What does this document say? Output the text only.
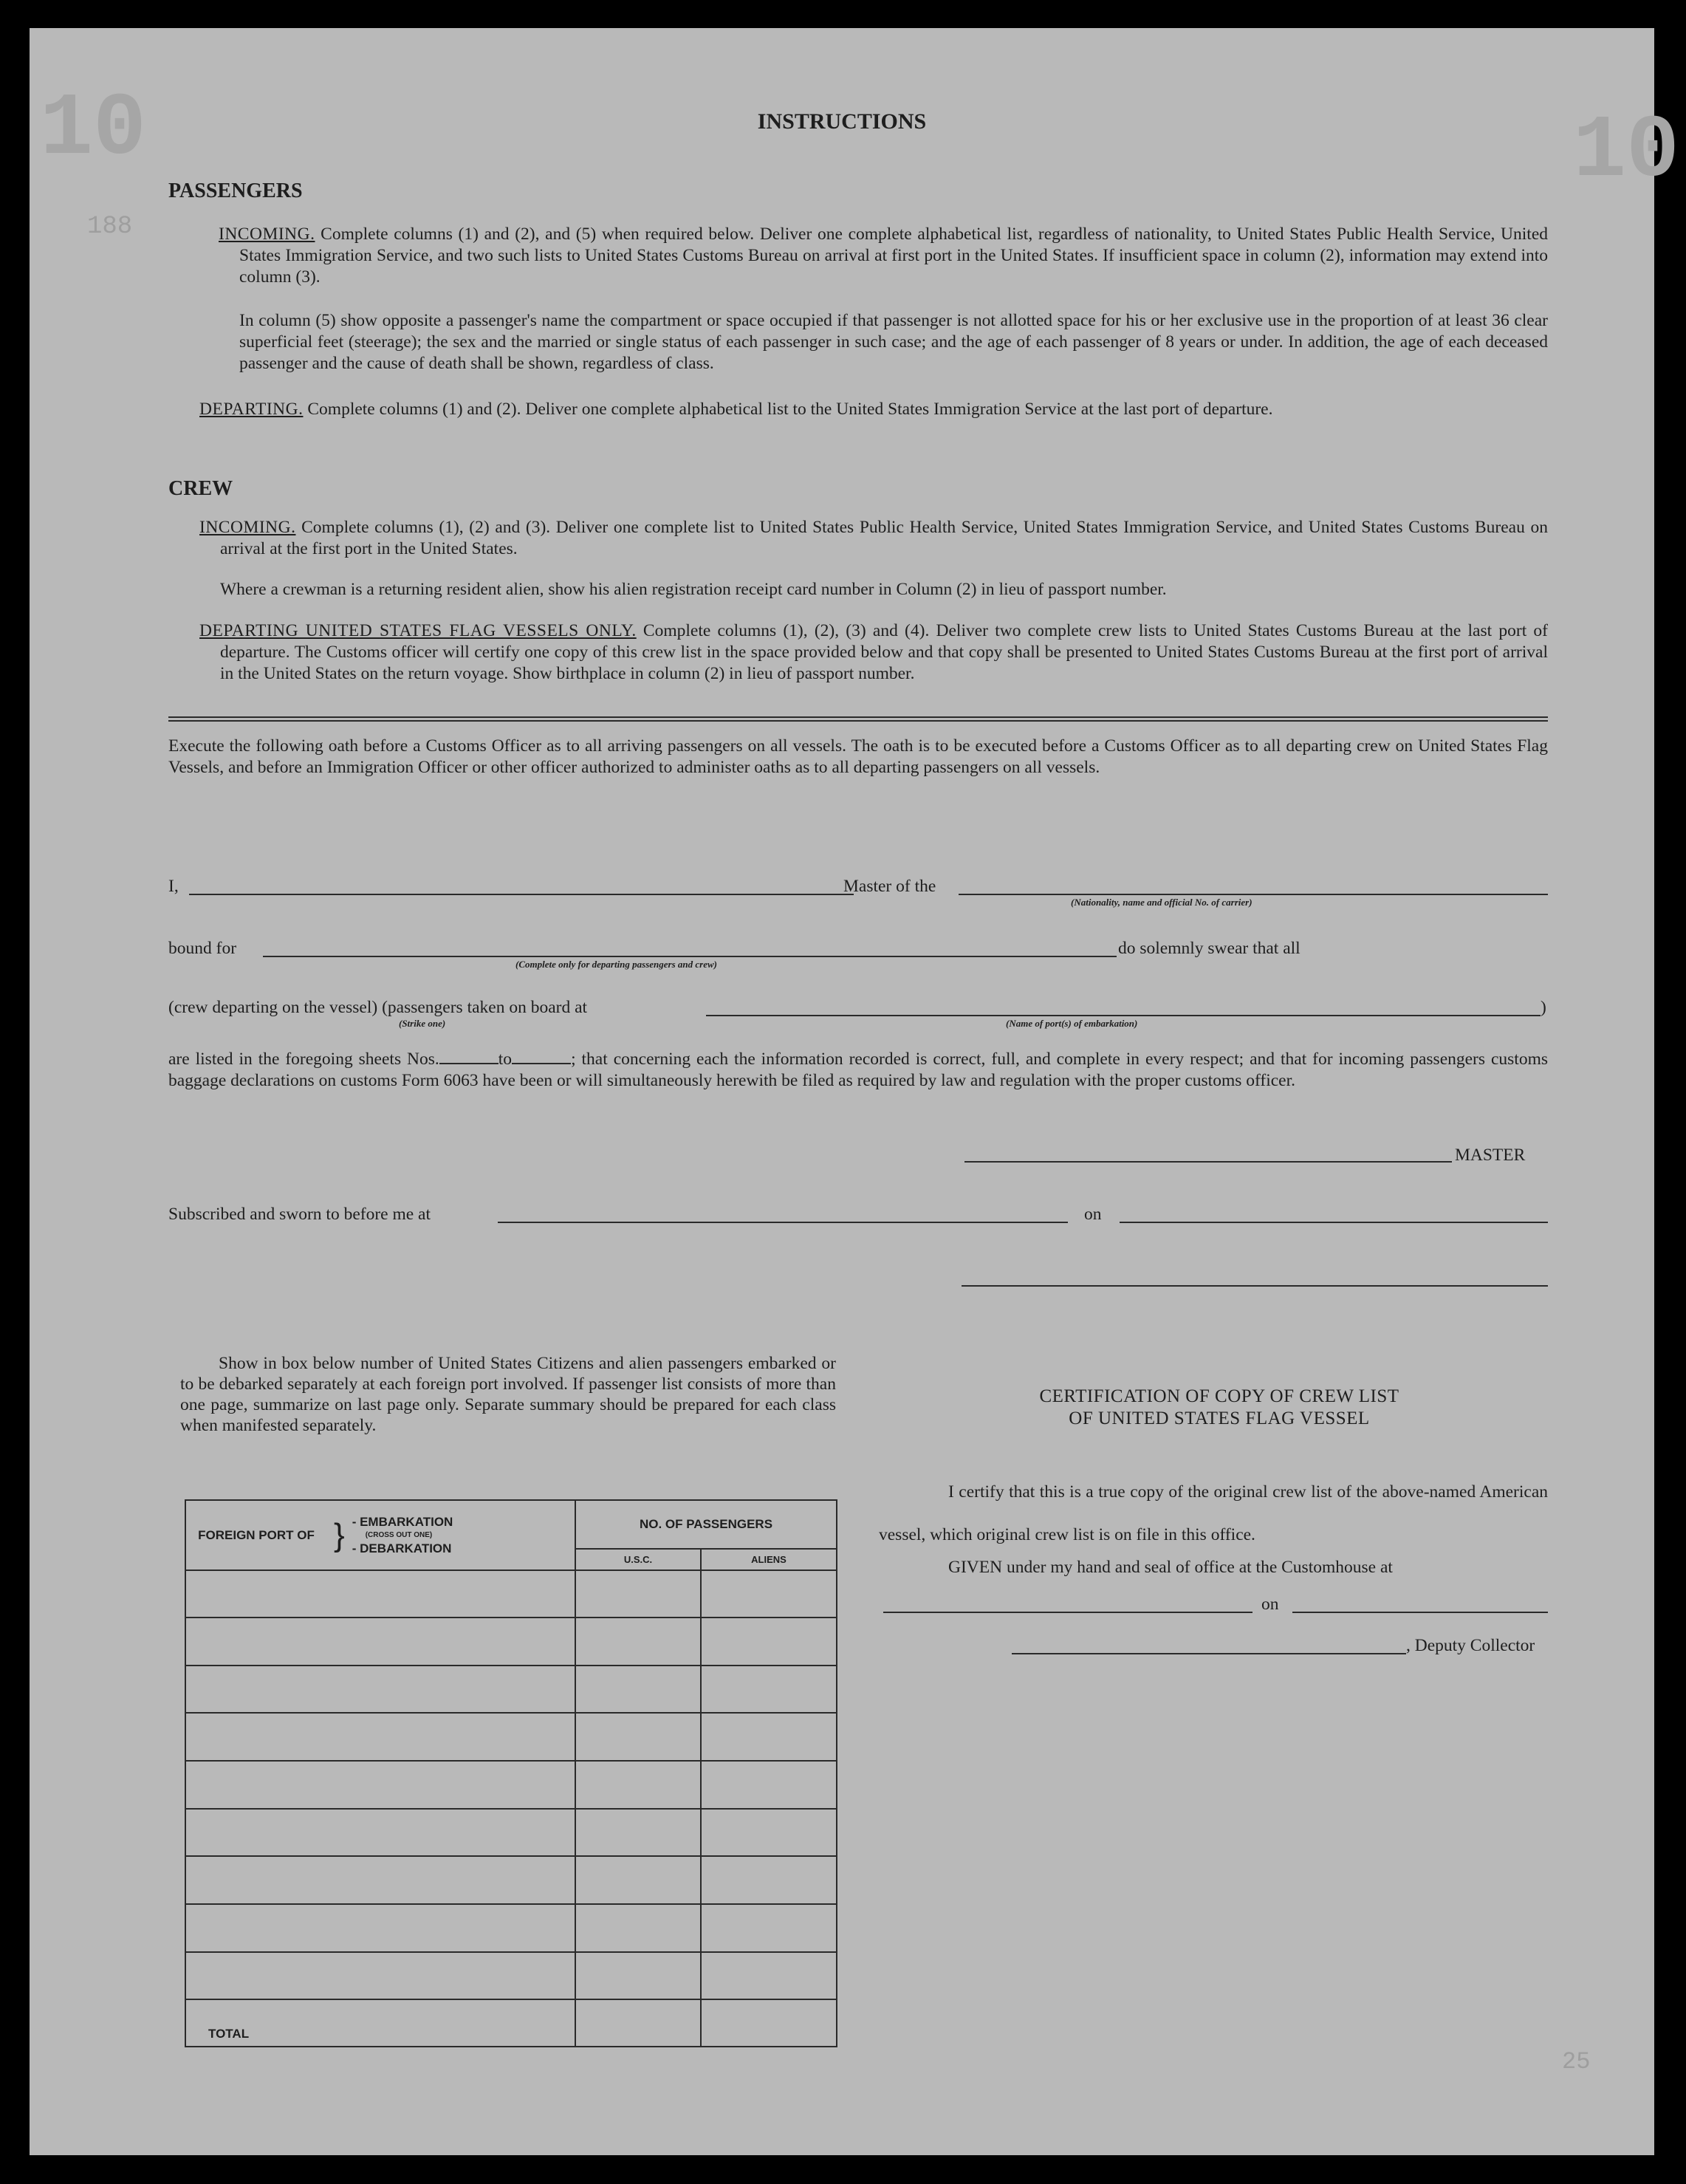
10	10
188
25
INSTRUCTIONS
PASSENGERS
INCOMING. Complete columns (1) and (2), and (5) when required below. Deliver one complete alphabetical list, regardless of nationality, to United States Public Health Service, United States Immigration Service, and two such lists to United States Customs Bureau on arrival at first port in the United States. If insufficient space in column (2), information may extend into column (3).
In column (5) show opposite a passenger's name the compartment or space occupied if that passenger is not allotted space for his or her exclusive use in the proportion of at least 36 clear superficial feet (steerage); the sex and the married or single status of each passenger in such case; and the age of each passenger of 8 years or under. In addition, the age of each deceased passenger and the cause of death shall be shown, regardless of class.
DEPARTING. Complete columns (1) and (2). Deliver one complete alphabetical list to the United States Immigration Service at the last port of departure.
CREW
INCOMING. Complete columns (1), (2) and (3). Deliver one complete list to United States Public Health Service, United States Immigration Service, and United States Customs Bureau on arrival at the first port in the United States.
Where a crewman is a returning resident alien, show his alien registration receipt card number in Column (2) in lieu of passport number.
DEPARTING UNITED STATES FLAG VESSELS ONLY. Complete columns (1), (2), (3) and (4). Deliver two complete crew lists to United States Customs Bureau at the last port of departure. The Customs officer will certify one copy of this crew list in the space provided below and that copy shall be presented to United States Customs Bureau at the first port of arrival in the United States on the return voyage. Show birthplace in column (2) in lieu of passport number.
Execute the following oath before a Customs Officer as to all arriving passengers on all vessels. The oath is to be executed before a Customs Officer as to all departing crew on United States Flag Vessels, and before an Immigration Officer or other officer authorized to administer oaths as to all departing passengers on all vessels.
I,	Master of the
(Nationality, name and official No. of carrier)
bound for
(Complete only for departing passengers and crew)
do solemnly swear that all
(crew departing on the vessel) (passengers taken on board at	)
(Strike one)	(Name of port(s) of embarkation)
are listed in the foregoing sheets Nos.	to	; that concerning each the information recorded is correct, full, and complete in every respect; and that for incoming passengers customs baggage declarations on customs Form 6063 have been or will simultaneously herewith be filed as required by law and regulation with the proper customs officer.
MASTER
Subscribed and sworn to before me at	on
Show in box below number of United States Citizens and alien passengers embarked or to be debarked separately at each foreign port involved. If passenger list consists of more than one page, summarize on last page only. Separate summary should be prepared for each class when manifested separately.
FOREIGN PORT OF } - EMBARKATION
(CROSS OUT ONE)
- DEBARKATION	NO. OF PASSENGERS	
	U.S.C.	ALIENS

TOTAL		
CERTIFICATION OF COPY OF CREW LIST
OF UNITED STATES FLAG VESSEL
I certify that this is a true copy of the original crew list of the above-named American vessel, which original crew list is on file in this office.
GIVEN under my hand and seal of office at the Customhouse at
on
, Deputy Collector
